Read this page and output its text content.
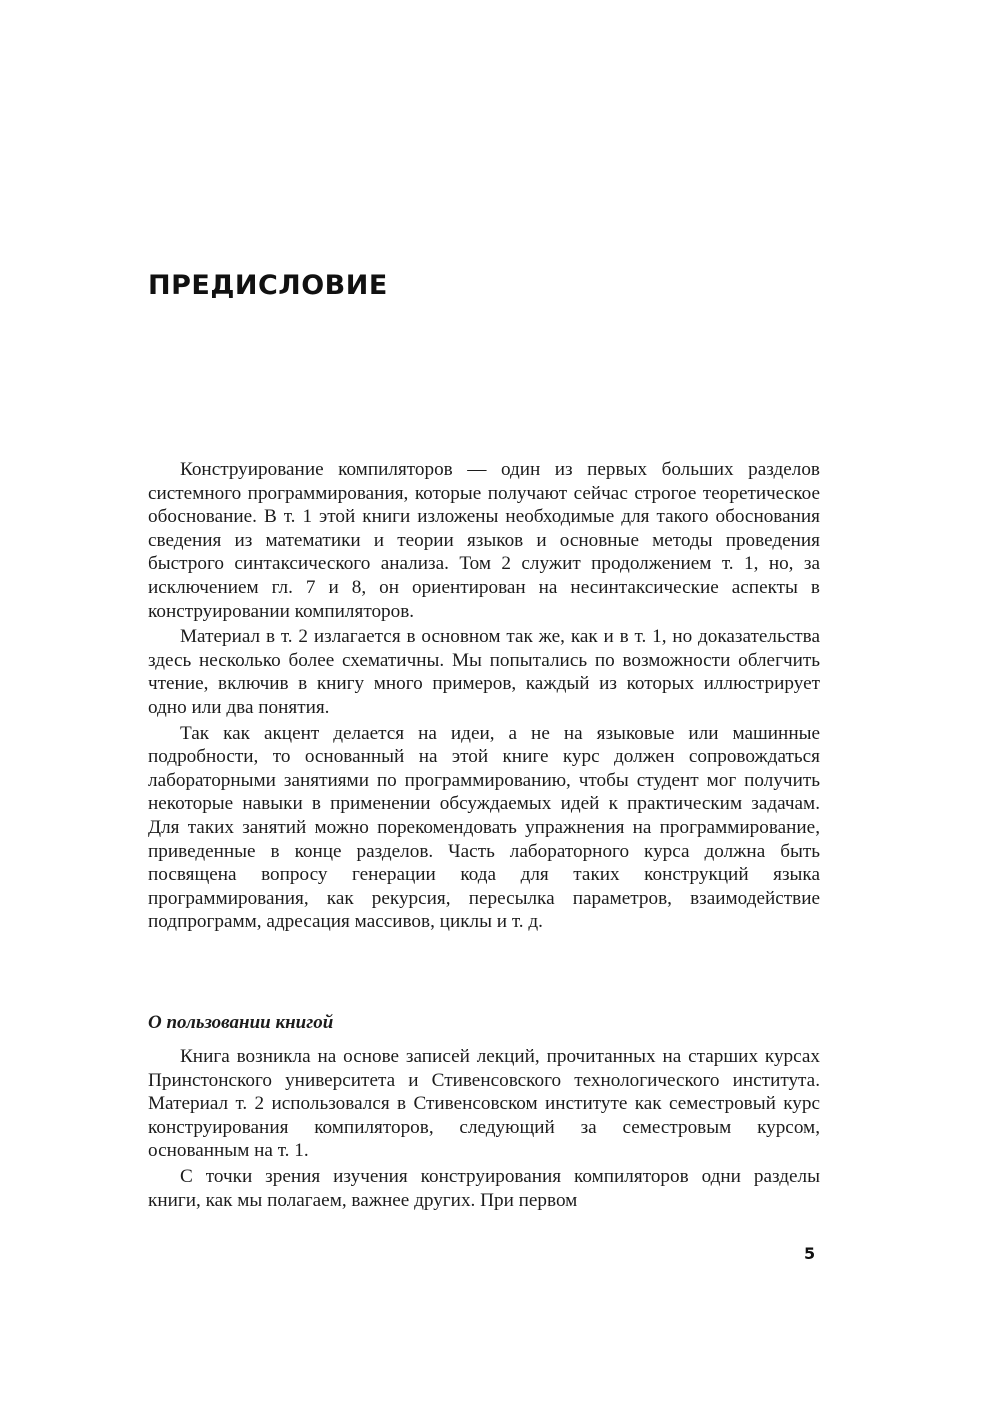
ПРЕДИСЛОВИЕ

Конструирование компиляторов — один из первых больших разделов системного программирования, которые получают сейчас строгое теоретическое обоснование. В т. 1 этой книги изложены необходимые для такого обоснования сведения из математики и теории языков и основные методы проведения быстрого синтаксического анализа. Том 2 служит продолжением т. 1, но, за исключением гл. 7 и 8, он ориентирован на несинтаксические аспекты в конструировании компиляторов.

Материал в т. 2 излагается в основном так же, как и в т. 1, но доказательства здесь несколько более схематичны. Мы попытались по возможности облегчить чтение, включив в книгу много примеров, каждый из которых иллюстрирует одно или два понятия.

Так как акцент делается на идеи, а не на языковые или машинные подробности, то основанный на этой книге курс должен сопровождаться лабораторными занятиями по программированию, чтобы студент мог получить некоторые навыки в применении обсуждаемых идей к практическим задачам. Для таких занятий можно порекомендовать упражнения на программирование, приведенные в конце разделов. Часть лабораторного курса должна быть посвящена вопросу генерации кода для таких конструкций языка программирования, как рекурсия, пересылка параметров, взаимодействие подпрограмм, адресация массивов, циклы и т. д.

О пользовании книгой

Книга возникла на основе записей лекций, прочитанных на старших курсах Принстонского университета и Стивенсовского технологического института. Материал т. 2 использовался в Стивенсовском институте как семестровый курс конструирования компиляторов, следующий за семестровым курсом, основанным на т. 1.

С точки зрения изучения конструирования компиляторов одни разделы книги, как мы полагаем, важнее других. При первом

5
